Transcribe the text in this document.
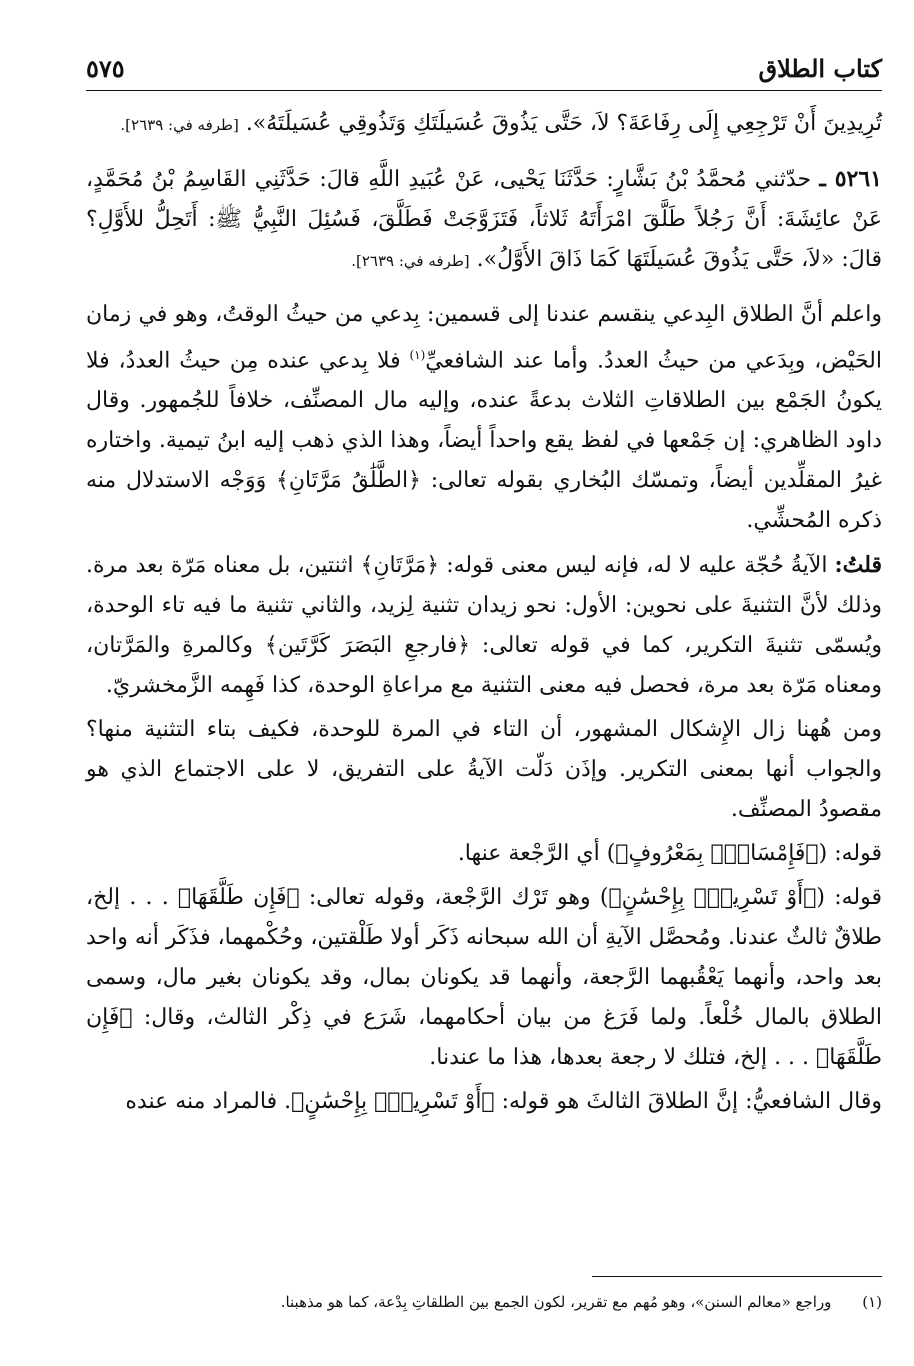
كتاب الطلاق
٥٧٥

تُرِيدِينَ أَنْ تَرْجِعِي إِلَى رِفَاعَةَ؟ لاَ، حَتَّى يَذُوقَ عُسَيلَتَكِ وَتَذُوقِي عُسَيلَتَهُ». [طرفه في: ٢٦٣٩].

٥٢٦١ ـ حدّثني مُحمَّدُ بْنُ بَشَّارٍ: حَدَّثَنَا يَحْيى، عَنْ عُبَيدِ اللَّهِ قالَ: حَدَّثَنِي القَاسِمُ بْنُ مُحَمَّدٍ، عَنْ عائِشَةَ: أَنَّ رَجُلاً طَلَّقَ امْرَأَتَهُ ثَلاثاً، فَتَزَوَّجَتْ فَطَلَّقَ، فَسُئِلَ النَّبِيُّ ﷺ: أَتَحِلُّ للأَوَّلِ؟ قالَ: «لاَ، حَتَّى يَذُوقَ عُسَيلَتَهَا كَمَا ذَاقَ الأَوَّلُ». [طرفه في: ٢٦٣٩].

واعلم أنَّ الطلاق البِدعي ينقسم عندنا إلى قسمين: بِدعي من حيثُ الوقتُ، وهو في زمان الحَيْض، وبِدَعي من حيثُ العددُ. وأما عند الشافعيِّ$^{(١)}$ فلا بِدعي عنده مِن حيثُ العددُ، فلا يكونُ الجَمْع بين الطلاقاتِ الثلاث بدعةً عنده، وإليه مال المصنِّف، خلافاً للجُمهور. وقال داود الظاهري: إن جَمْعها في لفظ يقع واحداً أيضاً، وهذا الذي ذهب إليه ابنُ تيمية. واختاره غيرُ المقلِّدين أيضاً، وتمسّك البُخاري بقوله تعالى: ﴿الطَّلَٰقُ مَرَّتَانِ﴾ وَوَجْه الاستدلال منه ذكره المُحشِّي.

قلتُ: الآيةُ حُجّة عليه لا له، فإنه ليس معنى قوله: ﴿مَرَّتَانِ﴾ اثنتين، بل معناه مَرّة بعد مرة. وذلك لأنَّ التثنيةَ على نحوين: الأول: نحو زيدان تثنية لِزيد، والثاني تثنية ما فيه تاء الوحدة، ويُسمّى تثنيةَ التكرير، كما في قوله تعالى: ﴿فارجعِ البَصَرَ كَرَّتَين﴾ وكالمرةِ والمَرَّتان، ومعناه مَرّة بعد مرة، فحصل فيه معنى التثنية مع مراعاةِ الوحدة، كذا فَهِمه الزَّمخشريّ.

ومن هُهنا زال الإِشكال المشهور، أن التاء في المرة للوحدة، فكيف بتاء التثنية منها؟ والجواب أنها بمعنى التكرير. وإذَن دَلّت الآيةُ على التفريق، لا على الاجتماع الذي هو مقصودُ المصنِّف.

قوله: (﴿فَإِمْسَاكُۢ بِمَعْرُوفٍ﴾) أي الرَّجْعة عنها.

قوله: (﴿أَوْ تَسْرِيحُۢ بِإِحْسَٰنٍ﴾) وهو تَرْك الرَّجْعة، وقوله تعالى: ﴿فَإِن طَلَّقَهَا﴾ . . . إلخ، طلاقٌ ثالثٌ عندنا. ومُحصَّل الآيةِ أن الله سبحانه ذَكَر أولا طَلْقتين، وحُكْمهما، فذَكَر أنه واحد بعد واحد، وأنهما يَعْقُبهما الرَّجعة، وأنهما قد يكونان بمال، وقد يكونان بغير مال، وسمى الطلاق بالمال خُلْعاً. ولما فَرَغ من بيان أحكامهما، شَرَع في ذِكْر الثالث، وقال: ﴿فَإِن طَلَّقَهَا﴾ . . . إلخ، فتلك لا رجعة بعدها، هذا ما عندنا.

وقال الشافعيُّ: إنَّ الطلاقَ الثالثَ هو قوله: ﴿أَوْ تَسْرِيحُۢ بِإِحْسَٰنٍ﴾. فالمراد منه عنده

(١) وراجع «معالم السنن»، وهو مُهم مع تقرير، لكون الجمع بين الطلقاتِ بِدْعة، كما هو مذهبنا.
